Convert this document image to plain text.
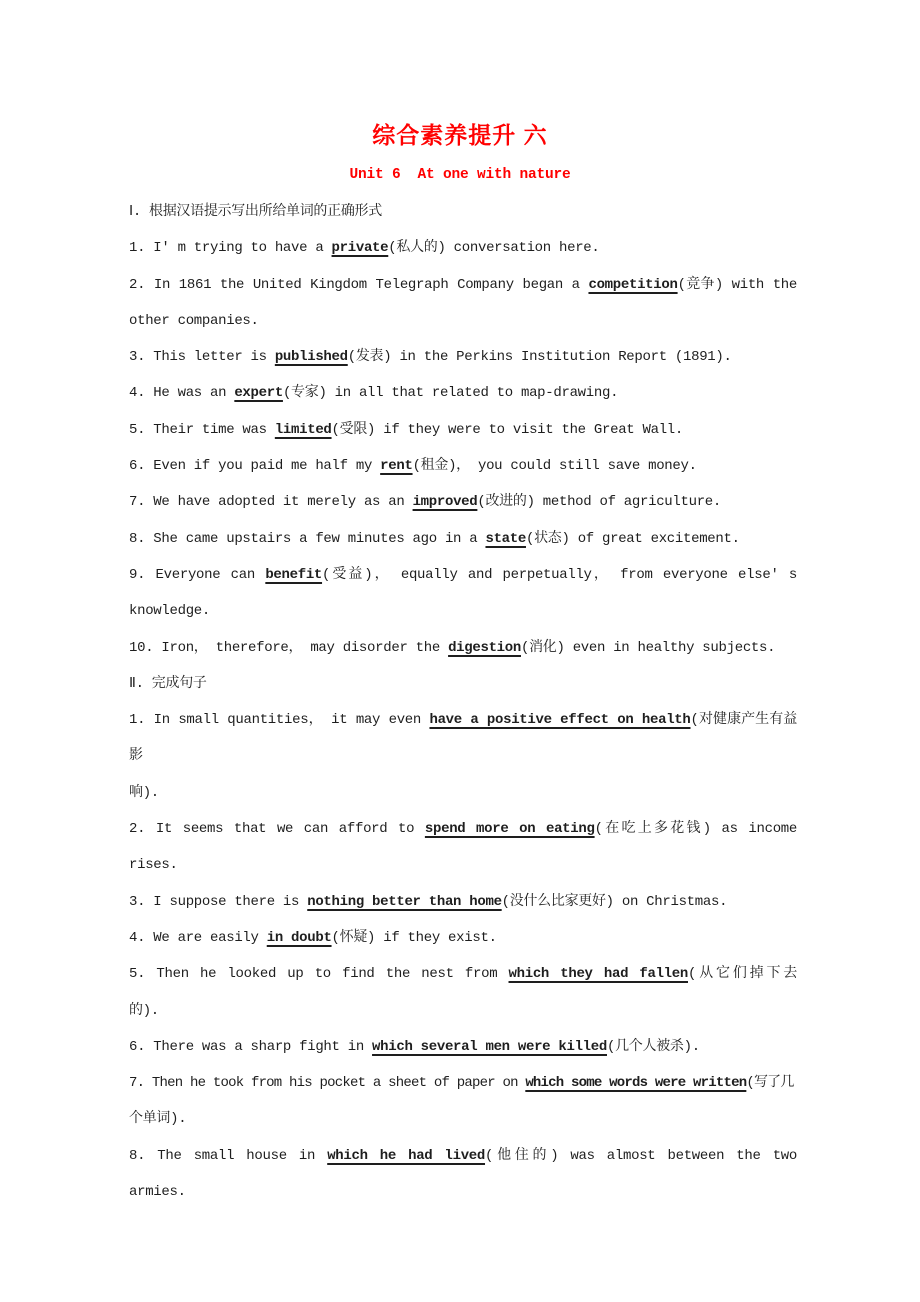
综合素养提升 六
Unit 6  At one with nature
Ⅰ. 根据汉语提示写出所给单词的正确形式
1. I' m trying to have a private(私人的) conversation here.
2. In 1861 the United Kingdom Telegraph Company began a competition(竞争) with the
other companies.
3. This letter is published(发表) in the Perkins Institution Report (1891).
4. He was an expert(专家) in all that related to map-drawing.
5. Their time was limited(受限) if they were to visit the Great Wall.
6. Even if you paid me half my rent(租金)， you could still save money.
7. We have adopted it merely as an improved(改进的) method of agriculture.
8. She came upstairs a few minutes ago in a state(状态) of great excitement.
9. Everyone can benefit(受益)， equally and perpetually， from everyone else' s
knowledge.
10. Iron， therefore， may disorder the digestion(消化) even in healthy subjects.
Ⅱ. 完成句子
1. In small quantities， it may even have a positive effect on health(对健康产生有益影
响).
2. It seems that we can afford to spend more on eating(在吃上多花钱) as income
rises.
3. I suppose there is nothing better than home(没什么比家更好) on Christmas.
4. We are easily in doubt(怀疑) if they exist.
5. Then he looked up to find the nest from which they had fallen(从它们掉下去
的).
6. There was a sharp fight in which several men were killed(几个人被杀).
7. Then he took from his pocket a sheet of paper on which some words were written(写了几
个单词).
8. The small house in which he had lived(他住的) was almost between the two
armies.
